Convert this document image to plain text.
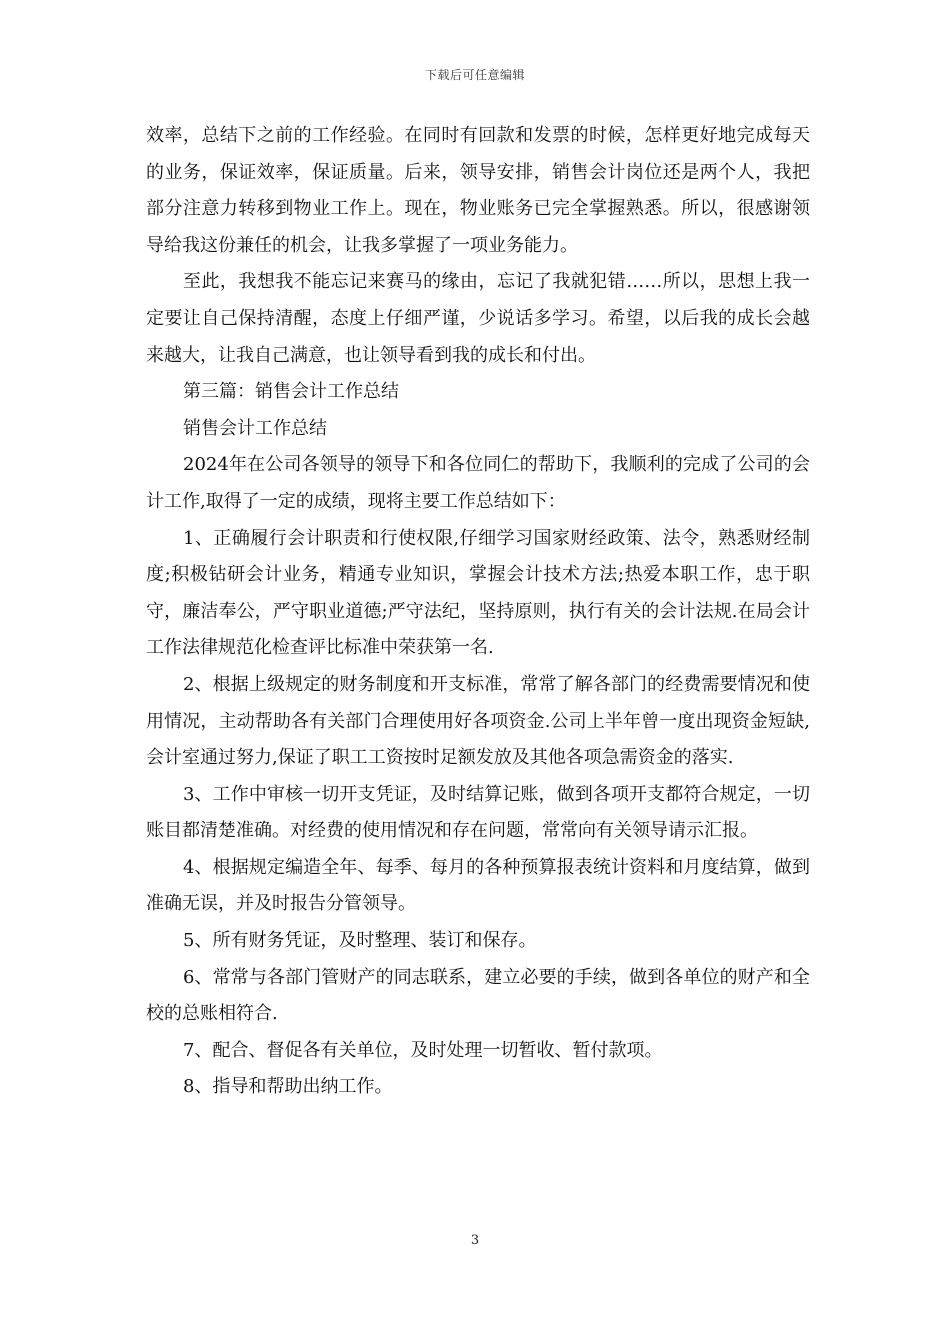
下载后可任意编辑

效率，总结下之前的工作经验。在同时有回款和发票的时候，怎样更好地完成每天的业务，保证效率，保证质量。后来，领导安排，销售会计岗位还是两个人，我把部分注意力转移到物业工作上。现在，物业账务已完全掌握熟悉。所以，很感谢领导给我这份兼任的机会，让我多掌握了一项业务能力。

至此，我想我不能忘记来赛马的缘由，忘记了我就犯错……所以，思想上我一定要让自己保持清醒，态度上仔细严谨，少说话多学习。希望，以后我的成长会越来越大，让我自己满意，也让领导看到我的成长和付出。

第三篇：销售会计工作总结

销售会计工作总结

2024年在公司各领导的领导下和各位同仁的帮助下，我顺利的完成了公司的会计工作,取得了一定的成绩，现将主要工作总结如下：

1、正确履行会计职责和行使权限,仔细学习国家财经政策、法令，熟悉财经制度;积极钻研会计业务，精通专业知识，掌握会计技术方法;热爱本职工作，忠于职守，廉洁奉公，严守职业道德;严守法纪，坚持原则，执行有关的会计法规.在局会计工作法律规范化检查评比标准中荣获第一名.

2、根据上级规定的财务制度和开支标准，常常了解各部门的经费需要情况和使用情况，主动帮助各有关部门合理使用好各项资金.公司上半年曾一度出现资金短缺,会计室通过努力,保证了职工工资按时足额发放及其他各项急需资金的落实.

3、工作中审核一切开支凭证，及时结算记账，做到各项开支都符合规定，一切账目都清楚准确。对经费的使用情况和存在问题，常常向有关领导请示汇报。

4、根据规定编造全年、每季、每月的各种预算报表统计资料和月度结算，做到准确无误，并及时报告分管领导。

5、所有财务凭证，及时整理、装订和保存。

6、常常与各部门管财产的同志联系，建立必要的手续，做到各单位的财产和全校的总账相符合.

7、配合、督促各有关单位，及时处理一切暂收、暂付款项。

8、指导和帮助出纳工作。

3
